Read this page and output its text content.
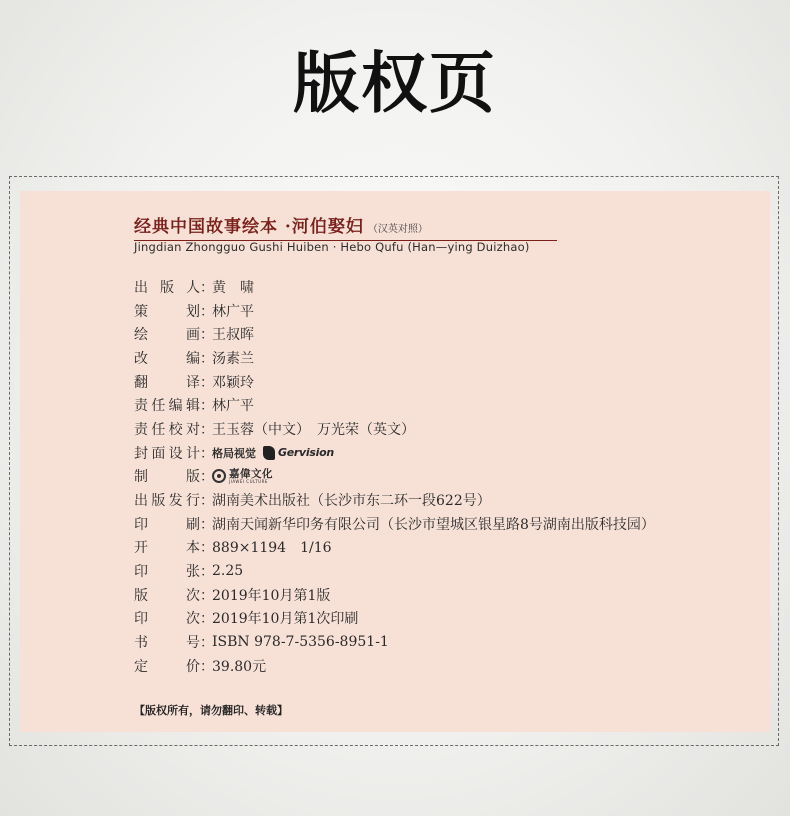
版权页
经典中国故事绘本 ·河伯娶妇 （汉英对照）
Jingdian Zhongguo Gushi Huiben · Hebo Qufu (Han—ying Duizhao)
出 版 人 ：
黄　啸
策	划 ：
林广平
绘	画 ：
王叔晖
改	编 ：
汤素兰
翻	译 ：
邓颖玲
责 任 编 辑 ：
林广平
责 任 校 对 ：
王玉蓉（中文）　万光荣（英文）
封 面 设 计 ：
格局视觉 Gervision
制	版 ： 嘉偉文化
JIAWEI CULTURE
出 版 发 行 ：
湖南美术出版社（长沙市东二环一段622号）
印	刷 ：
湖南天闻新华印务有限公司（长沙市望城区银星路8号湖南出版科技园）
开	本 ：
889×1194　1/16
印	张 ：
2.25
版	次 ：
2019年10月第1版
印	次 ：
2019年10月第1次印刷
书	号 ：
ISBN 978-7-5356-8951-1
定	价 ：
39.80元
【版权所有，请勿翻印、转载】
